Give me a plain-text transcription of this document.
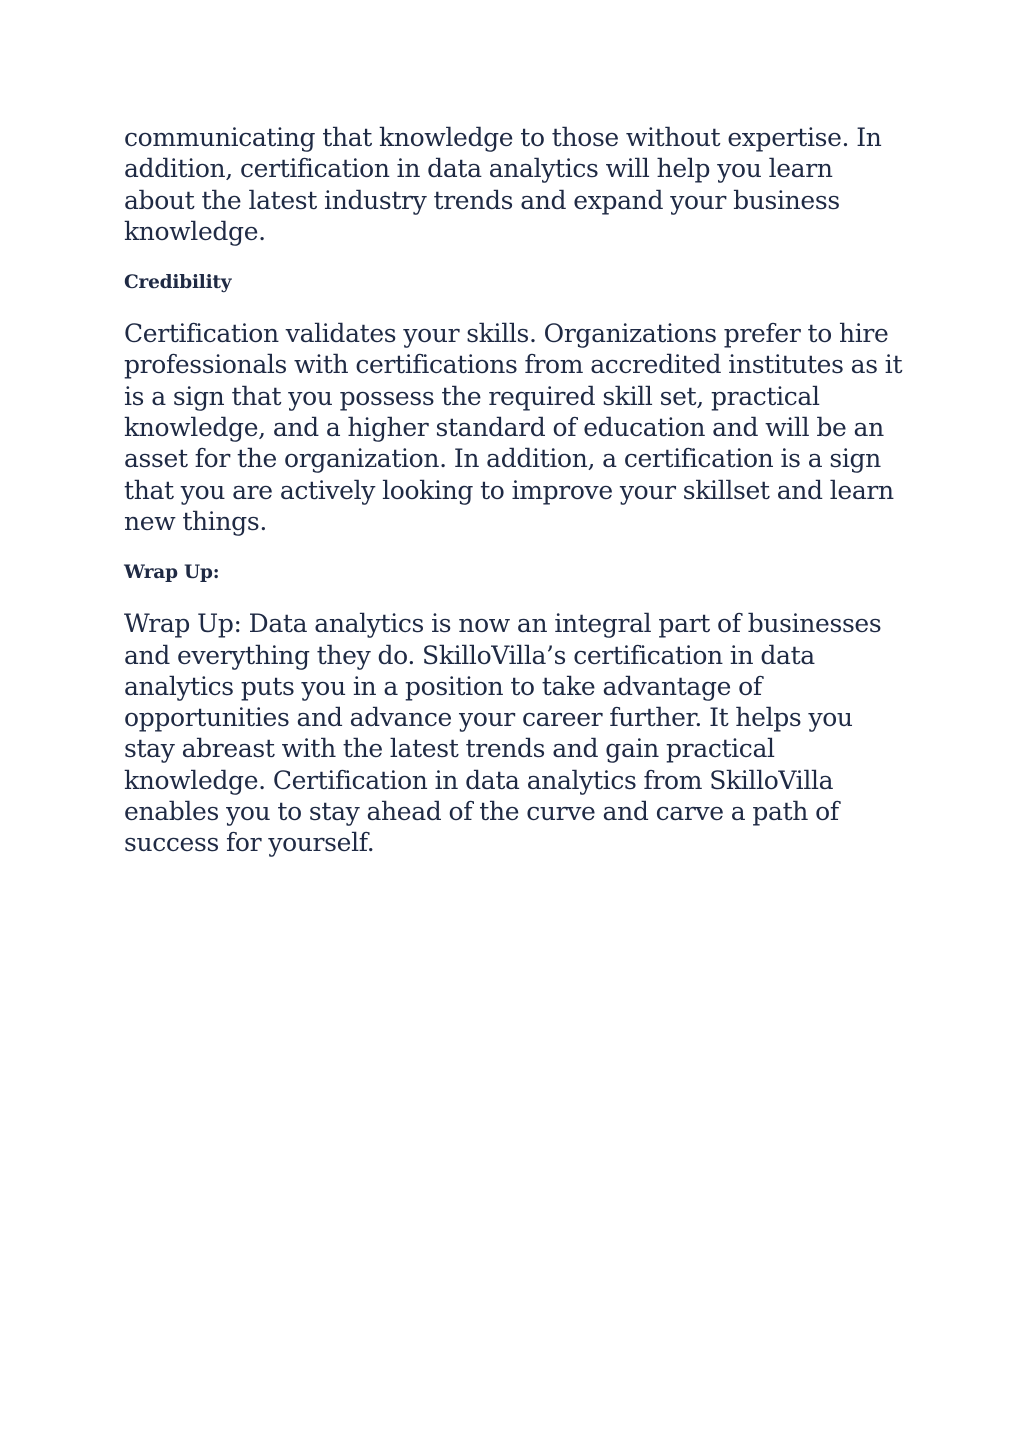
communicating that knowledge to those without expertise. In addition, certification in data analytics will help you learn about the latest industry trends and expand your business knowledge.

Credibility

Certification validates your skills. Organizations prefer to hire professionals with certifications from accredited institutes as it is a sign that you possess the required skill set, practical knowledge, and a higher standard of education and will be an asset for the organization. In addition, a certification is a sign that you are actively looking to improve your skillset and learn new things.

Wrap Up:

Wrap Up: Data analytics is now an integral part of businesses and everything they do. SkilloVilla’s certification in data analytics puts you in a position to take advantage of opportunities and advance your career further. It helps you stay abreast with the latest trends and gain practical knowledge. Certification in data analytics from SkilloVilla enables you to stay ahead of the curve and carve a path of success for yourself.
